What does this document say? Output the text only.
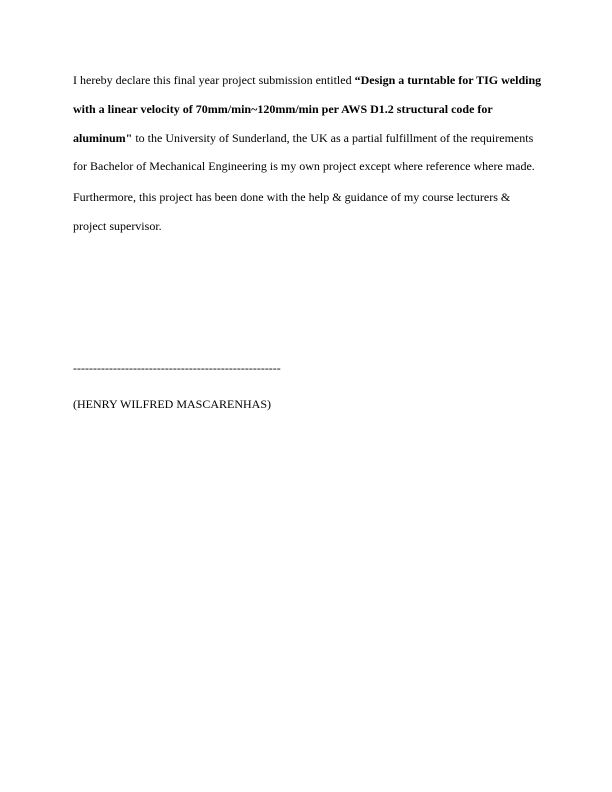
I hereby declare this final year project submission entitled “Design a turntable for TIG welding with a linear velocity of 70mm/min~120mm/min per AWS D1.2 structural code for aluminum" to the University of Sunderland, the UK as a partial fulfillment of the requirements for Bachelor of Mechanical Engineering is my own project except where reference where made.

Furthermore, this project has been done with the help & guidance of my course lecturers & project supervisor.

----------------------------------------------------

(HENRY WILFRED MASCARENHAS)
